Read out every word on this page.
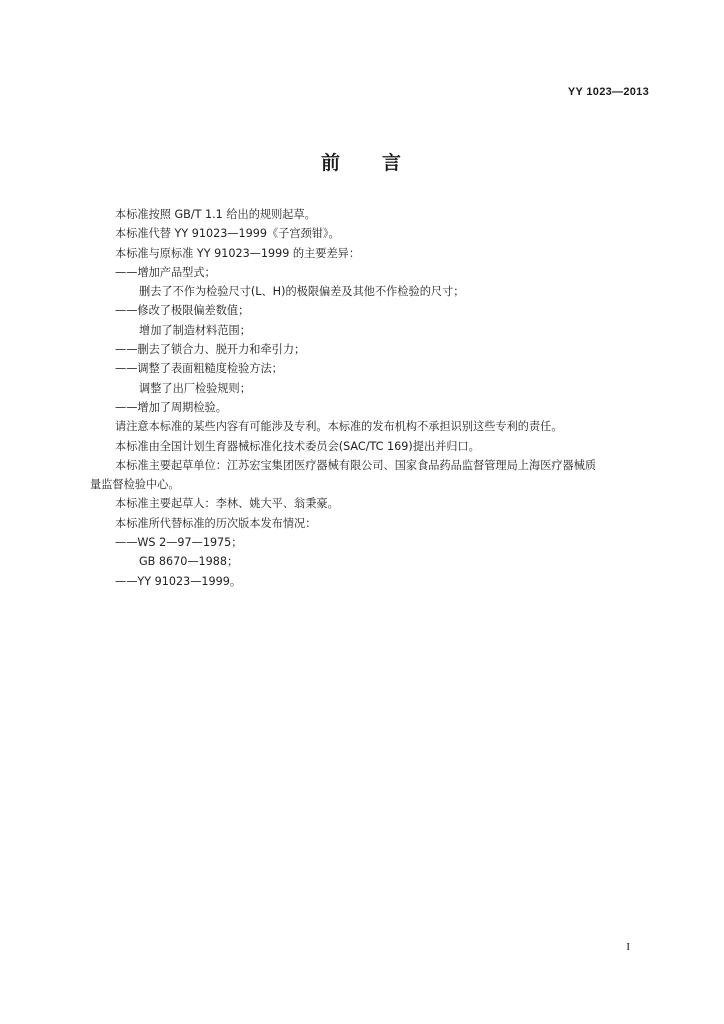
YY 1023—2013
前 言
本标准按照 GB/T 1.1 给出的规则起草。
本标准代替 YY 91023—1999《子宫颈钳》。
本标准与原标准 YY 91023—1999 的主要差异：
——增加产品型式；
删去了不作为检验尺寸(L、H)的极限偏差及其他不作检验的尺寸；
——修改了极限偏差数值；
增加了制造材料范围；
——删去了锁合力、脱开力和牵引力；
——调整了表面粗糙度检验方法；
调整了出厂检验规则；
——增加了周期检验。
请注意本标准的某些内容有可能涉及专利。本标准的发布机构不承担识别这些专利的责任。
本标准由全国计划生育器械标准化技术委员会(SAC/TC 169)提出并归口。
本标准主要起草单位：江苏宏宝集团医疗器械有限公司、国家食品药品监督管理局上海医疗器械质
量监督检验中心。
本标准主要起草人：李林、姚大平、翁秉豪。
本标准所代替标准的历次版本发布情况：
——WS 2—97—1975；
GB 8670—1988；
——YY 91023—1999。
I
